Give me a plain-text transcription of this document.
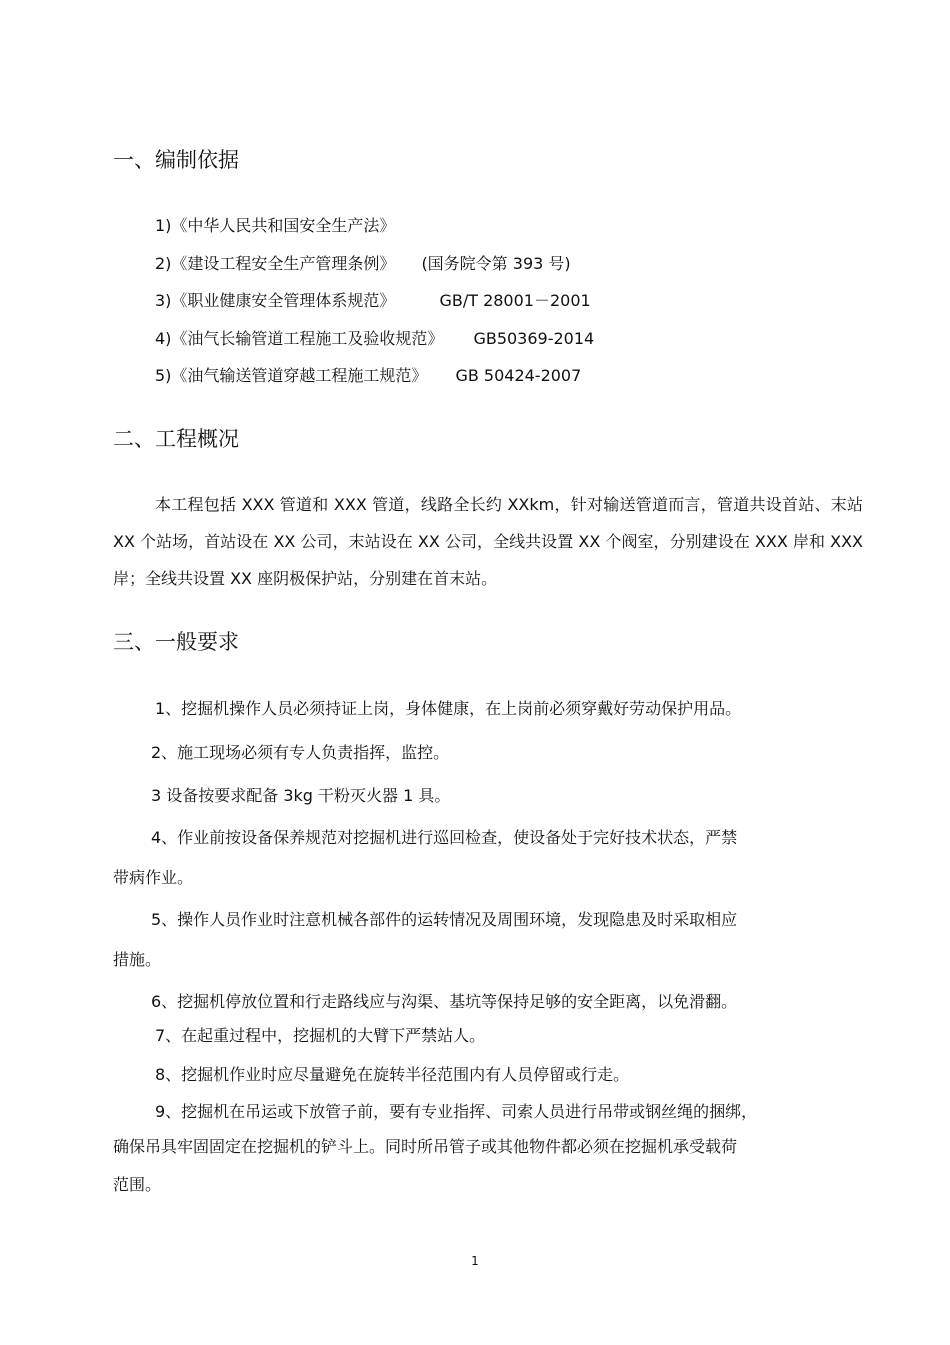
一、编制依据
1)《中华人民共和国安全生产法》
2)《建设工程安全生产管理条例》 (国务院令第 393 号)
3)《职业健康安全管理体系规范》	GB/T 28001－2001
4)《油气长输管道工程施工及验收规范》 GB50369-2014
5)《油气输送管道穿越工程施工规范》 GB 50424-2007
二、工程概况
本工程包括 XXX 管道和 XXX 管道，线路全长约 XXkm，针对输送管道而言，管道共设首站、末站 XX 个站场，首站设在 XX 公司，末站设在 XX 公司，全线共设置 XX 个阀室，分别建设在 XXX 岸和 XXX 岸；全线共设置 XX 座阴极保护站，分别建在首末站。
三、一般要求
1、挖掘机操作人员必须持证上岗，身体健康，在上岗前必须穿戴好劳动保护用品。
2、施工现场必须有专人负责指挥，监控。
3 设备按要求配备 3kg 干粉灭火器 1 具。
4、作业前按设备保养规范对挖掘机进行巡回检查，使设备处于完好技术状态，严禁
带病作业。
5、操作人员作业时注意机械各部件的运转情况及周围环境，发现隐患及时采取相应
措施。
6、挖掘机停放位置和行走路线应与沟渠、基坑等保持足够的安全距离，以免滑翻。
7、在起重过程中，挖掘机的大臂下严禁站人。
8、挖掘机作业时应尽量避免在旋转半径范围内有人员停留或行走。
9、挖掘机在吊运或下放管子前，要有专业指挥、司索人员进行吊带或钢丝绳的捆绑，
确保吊具牢固固定在挖掘机的铲斗上。同时所吊管子或其他物件都必须在挖掘机承受载荷
范围。
1
